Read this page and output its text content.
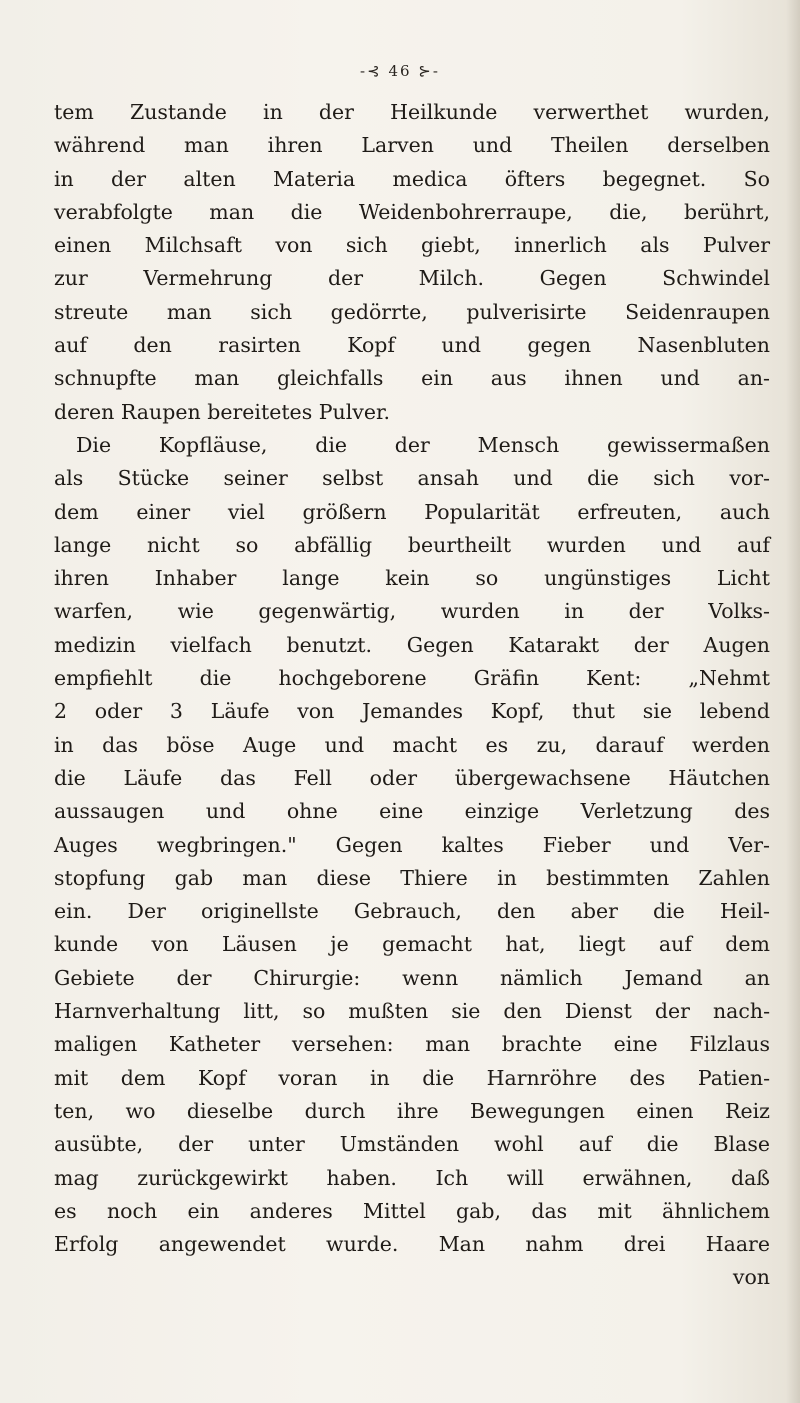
-⊰ 46 ⊱-
tem Zustande in der Heilkunde verwerthet wurden,
während man ihren Larven und Theilen derselben
in der alten Materia medica öfters begegnet. So
verabfolgte man die Weidenbohrerraupe, die, berührt,
einen Milchsaft von sich giebt, innerlich als Pulver
zur Vermehrung der Milch. Gegen Schwindel
streute man sich gedörrte, pulverisirte Seidenraupen
auf den rasirten Kopf und gegen Nasenbluten
schnupfte man gleichfalls ein aus ihnen und an-
deren Raupen bereitetes Pulver.
Die Kopfläuse, die der Mensch gewissermaßen
als Stücke seiner selbst ansah und die sich vor-
dem einer viel größern Popularität erfreuten, auch
lange nicht so abfällig beurtheilt wurden und auf
ihren Inhaber lange kein so ungünstiges Licht
warfen, wie gegenwärtig, wurden in der Volks-
medizin vielfach benutzt. Gegen Katarakt der Augen
empfiehlt die hochgeborene Gräfin Kent: „Nehmt
2 oder 3 Läufe von Jemandes Kopf, thut sie lebend
in das böse Auge und macht es zu, darauf werden
die Läufe das Fell oder übergewachsene Häutchen
aussaugen und ohne eine einzige Verletzung des
Auges wegbringen." Gegen kaltes Fieber und Ver-
stopfung gab man diese Thiere in bestimmten Zahlen
ein. Der originellste Gebrauch, den aber die Heil-
kunde von Läusen je gemacht hat, liegt auf dem
Gebiete der Chirurgie: wenn nämlich Jemand an
Harnverhaltung litt, so mußten sie den Dienst der nach-
maligen Katheter versehen: man brachte eine Filzlaus
mit dem Kopf voran in die Harnröhre des Patien-
ten, wo dieselbe durch ihre Bewegungen einen Reiz
ausübte, der unter Umständen wohl auf die Blase
mag zurückgewirkt haben. Ich will erwähnen, daß
es noch ein anderes Mittel gab, das mit ähnlichem
Erfolg angewendet wurde. Man nahm drei Haare
von
